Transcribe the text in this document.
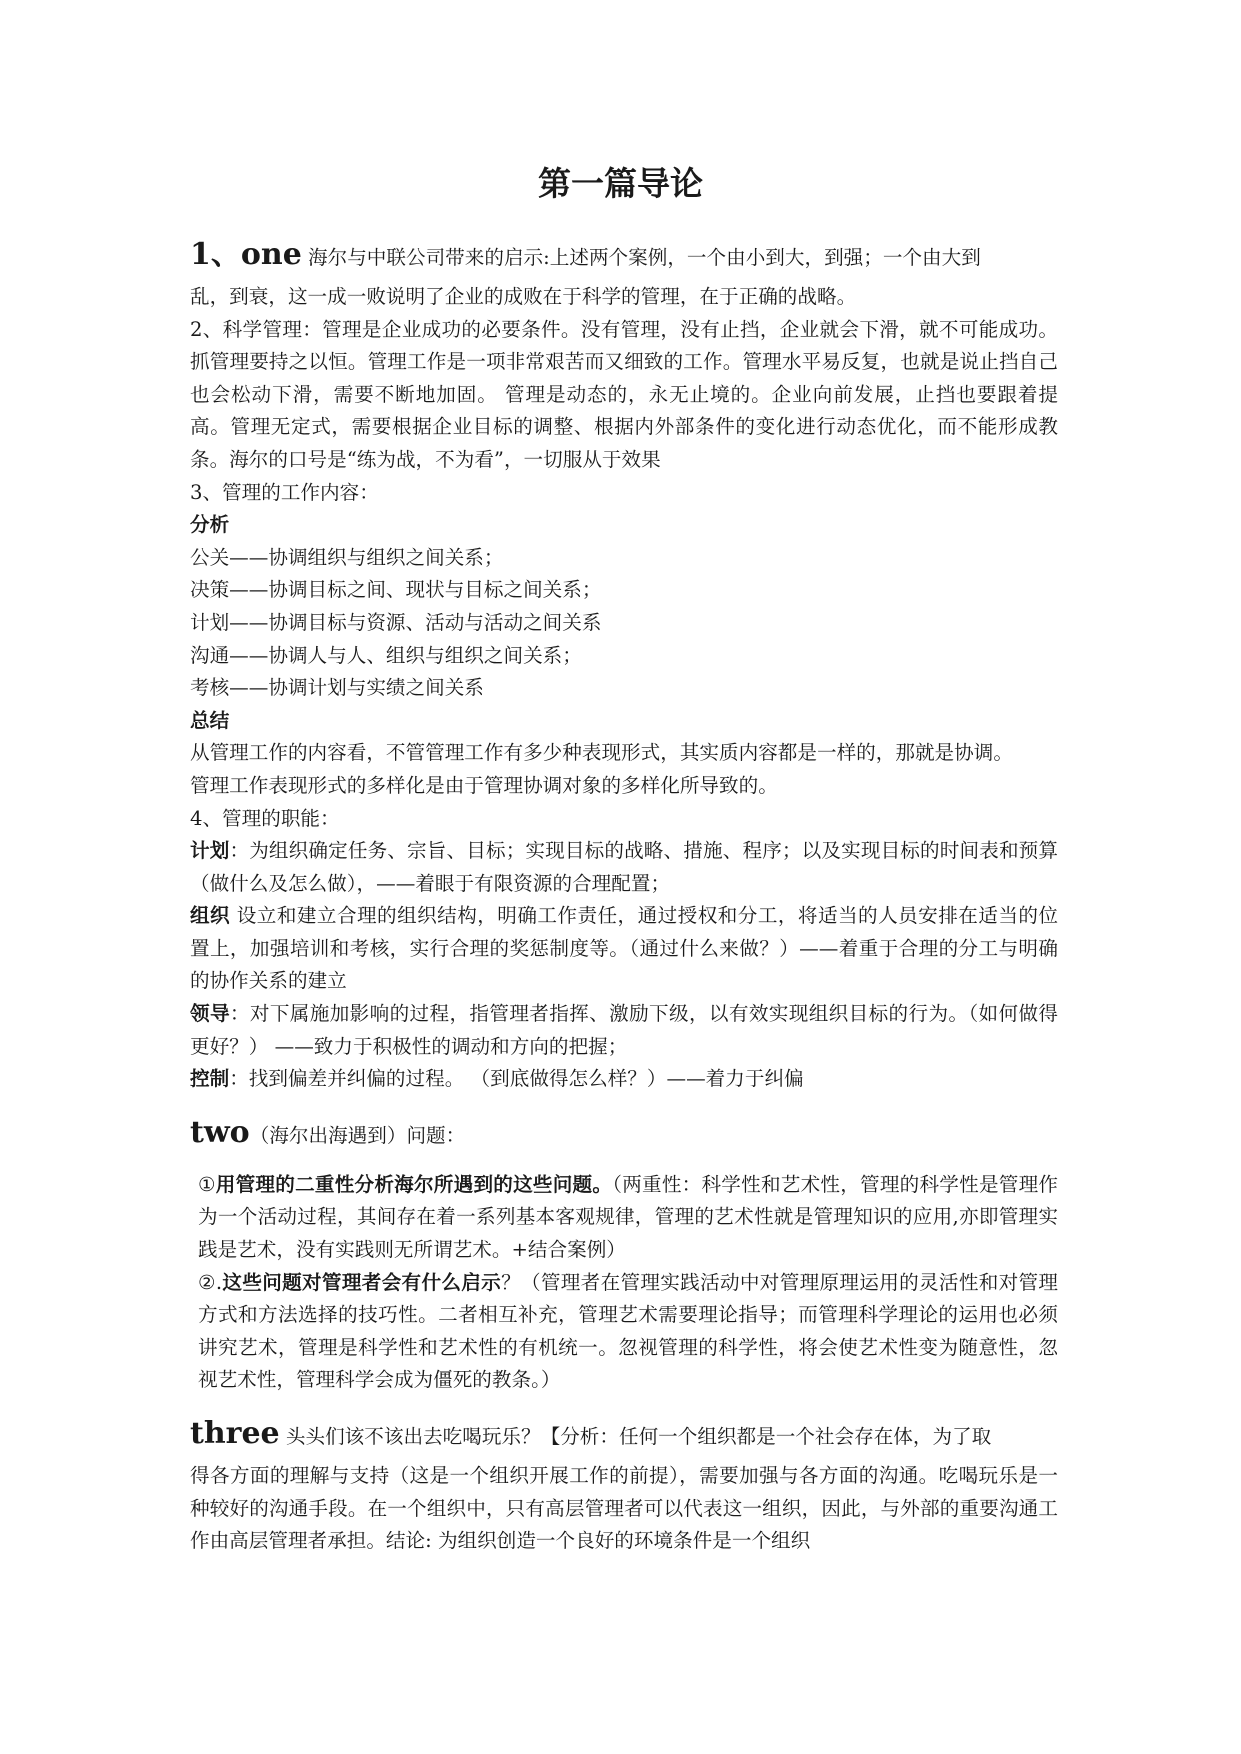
第一篇导论

1、one 海尔与中联公司带来的启示:上述两个案例，一个由小到大，到强；一个由大到

乱，到衰，这一成一败说明了企业的成败在于科学的管理，在于正确的战略。

2、科学管理：管理是企业成功的必要条件。没有管理，没有止挡，企业就会下滑，就不可能成功。 抓管理要持之以恒。管理工作是一项非常艰苦而又细致的工作。管理水平易反复，也就是说止挡自己也会松动下滑，需要不断地加固。 管理是动态的，永无止境的。企业向前发展，止挡也要跟着提高。管理无定式，需要根据企业目标的调整、根据内外部条件的变化进行动态优化，而不能形成教条。海尔的口号是“练为战，不为看”，一切服从于效果

3、管理的工作内容：

分析

公关——协调组织与组织之间关系；

决策——协调目标之间、现状与目标之间关系；

计划——协调目标与资源、活动与活动之间关系

沟通——协调人与人、组织与组织之间关系；

考核——协调计划与实绩之间关系

总结

从管理工作的内容看，不管管理工作有多少种表现形式，其实质内容都是一样的，那就是协调。

管理工作表现形式的多样化是由于管理协调对象的多样化所导致的。

4、管理的职能：

计划：为组织确定任务、宗旨、目标；实现目标的战略、措施、程序；以及实现目标的时间表和预算（做什么及怎么做），——着眼于有限资源的合理配置；

组织 设立和建立合理的组织结构，明确工作责任，通过授权和分工，将适当的人员安排在适当的位置上，加强培训和考核，实行合理的奖惩制度等。（通过什么来做？）——着重于合理的分工与明确的协作关系的建立

领导：对下属施加影响的过程，指管理者指挥、激励下级，以有效实现组织目标的行为。（如何做得更好？） ——致力于积极性的调动和方向的把握；

控制：找到偏差并纠偏的过程。 （到底做得怎么样？）——着力于纠偏

two（海尔出海遇到）问题：

①用管理的二重性分析海尔所遇到的这些问题。（两重性：科学性和艺术性，管理的科学性是管理作为一个活动过程，其间存在着一系列基本客观规律，管理的艺术性就是管理知识的应用,亦即管理实践是艺术，没有实践则无所谓艺术。+结合案例）

②.这些问题对管理者会有什么启示？（管理者在管理实践活动中对管理原理运用的灵活性和对管理方式和方法选择的技巧性。二者相互补充，管理艺术需要理论指导；而管理科学理论的运用也必须讲究艺术，管理是科学性和艺术性的有机统一。忽视管理的科学性，将会使艺术性变为随意性，忽视艺术性，管理科学会成为僵死的教条。）

three 头头们该不该出去吃喝玩乐？【分析：任何一个组织都是一个社会存在体，为了取

得各方面的理解与支持（这是一个组织开展工作的前提），需要加强与各方面的沟通。吃喝玩乐是一种较好的沟通手段。在一个组织中，只有高层管理者可以代表这一组织，因此，与外部的重要沟通工作由高层管理者承担。结论: 为组织创造一个良好的环境条件是一个组织
